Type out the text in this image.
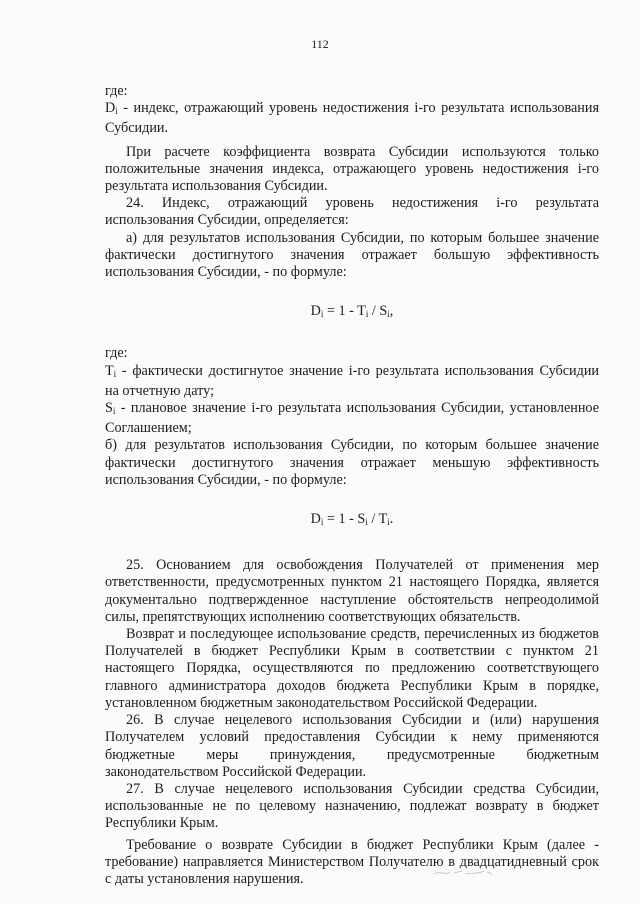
112

где:

$D_i$ - индекс, отражающий уровень недостижения i-го результата использования Субсидии.

При расчете коэффициента возврата Субсидии используются только положительные значения индекса, отражающего уровень недостижения i-го результата использования Субсидии.

24. Индекс, отражающий уровень недостижения i-го результата использования Субсидии, определяется:

а) для результатов использования Субсидии, по которым большее значение фактически достигнутого значения отражает большую эффективность использования Субсидии, - по формуле:

$D_i = 1 - T_i / S_i$,

где:

$T_i$ - фактически достигнутое значение i-го результата использования Субсидии на отчетную дату;

$S_i$ - плановое значение i-го результата использования Субсидии, установленное Соглашением;

б) для результатов использования Субсидии, по которым большее значение фактически достигнутого значения отражает меньшую эффективность использования Субсидии, - по формуле:

$D_i = 1 - S_i / T_i$.

25. Основанием для освобождения Получателей от применения мер ответственности, предусмотренных пунктом 21 настоящего Порядка, является документально подтвержденное наступление обстоятельств непреодолимой силы, препятствующих исполнению соответствующих обязательств.

Возврат и последующее использование средств, перечисленных из бюджетов Получателей в бюджет Республики Крым в соответствии с пунктом 21 настоящего Порядка, осуществляются по предложению соответствующего главного администратора доходов бюджета Республики Крым в порядке, установленном бюджетным законодательством Российской Федерации.

26. В случае нецелевого использования Субсидии и (или) нарушения Получателем условий предоставления Субсидии к нему применяются бюджетные меры принуждения, предусмотренные бюджетным законодательством Российской Федерации.

27. В случае нецелевого использования Субсидии средства Субсидии, использованные не по целевому назначению, подлежат возврату в бюджет Республики Крым.

Требование о возврате Субсидии в бюджет Республики Крым (далее - требование) направляется Министерством Получателю в двадцатидневный срок с даты установления нарушения.
